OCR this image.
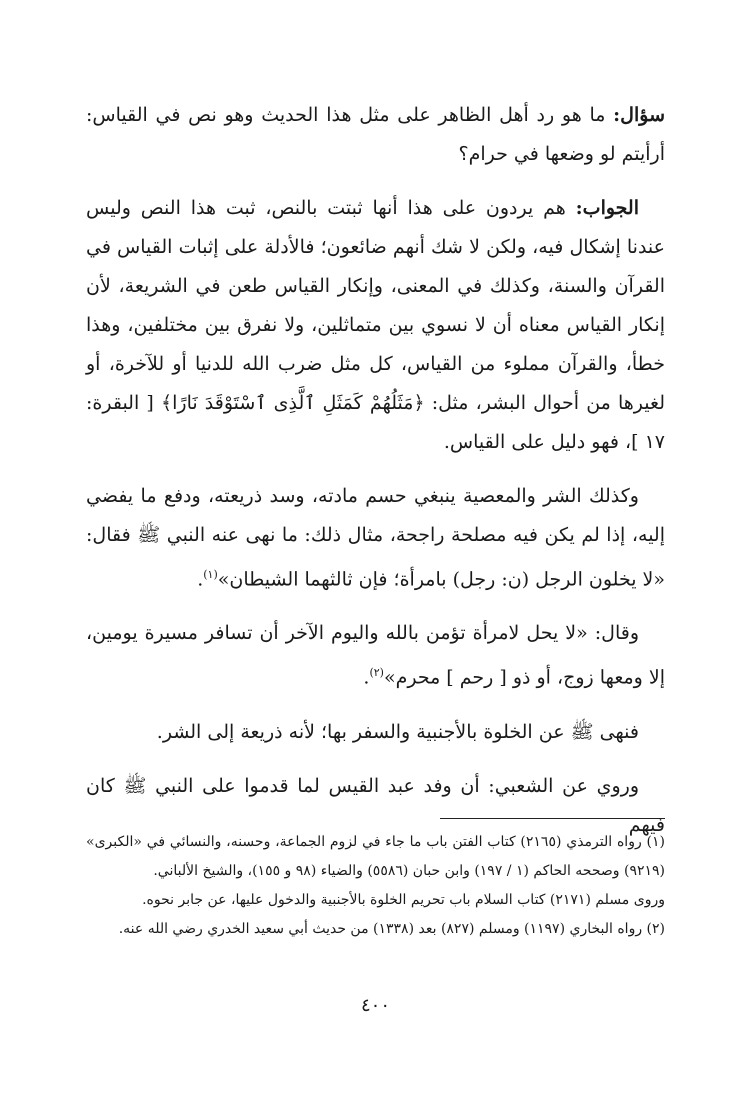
سؤال: ما هو رد أهل الظاهر على مثل هذا الحديث وهو نص في القياس: أرأيتم لو وضعها في حرام؟

الجواب: هم يردون على هذا أنها ثبتت بالنص، ثبت هذا النص وليس عندنا إشكال فيه، ولكن لا شك أنهم ضائعون؛ فالأدلة على إثبات القياس في القرآن والسنة، وكذلك في المعنى، وإنكار القياس طعن في الشريعة، لأن إنكار القياس معناه أن لا نسوي بين متماثلين، ولا نفرق بين مختلفين، وهذا خطأ، والقرآن مملوء من القياس، كل مثل ضرب الله للدنيا أو للآخرة، أو لغيرها من أحوال البشر، مثل: ﴿مَثَلُهُمْ كَمَثَلِ ٱلَّذِى ٱسْتَوْقَدَ نَارًا﴾ [ البقرة: ١٧ ]، فهو دليل على القياس.

وكذلك الشر والمعصية ينبغي حسم مادته، وسد ذريعته، ودفع ما يفضي إليه، إذا لم يكن فيه مصلحة راجحة، مثال ذلك: ما نهى عنه النبي ﷺ فقال: «لا يخلون الرجل (ن: رجل) بامرأة؛ فإن ثالثهما الشيطان»$^{(١)}$.

وقال: «لا يحل لامرأة تؤمن بالله واليوم الآخر أن تسافر مسيرة يومين، إلا ومعها زوج، أو ذو [ رحم ] محرم»$^{(٢)}$.

فنهى ﷺ عن الخلوة بالأجنبية والسفر بها؛ لأنه ذريعة إلى الشر.

وروي عن الشعبي: أن وفد عبد القيس لما قدموا على النبي ﷺ كان فيهم

(١) رواه الترمذي (٢١٦٥) كتاب الفتن باب ما جاء في لزوم الجماعة، وحسنه، والنسائي في «الكبرى» (٩٢١٩) وصححه الحاكم (١ / ١٩٧) وابن حبان (٥٥٨٦) والضياء (٩٨ و ١٥٥)، والشيخ الألباني.

وروى مسلم (٢١٧١) كتاب السلام باب تحريم الخلوة بالأجنبية والدخول عليها، عن جابر نحوه.

(٢) رواه البخاري (١١٩٧) ومسلم (٨٢٧) بعد (١٣٣٨) من حديث أبي سعيد الخدري رضي الله عنه.

٤٠٠
